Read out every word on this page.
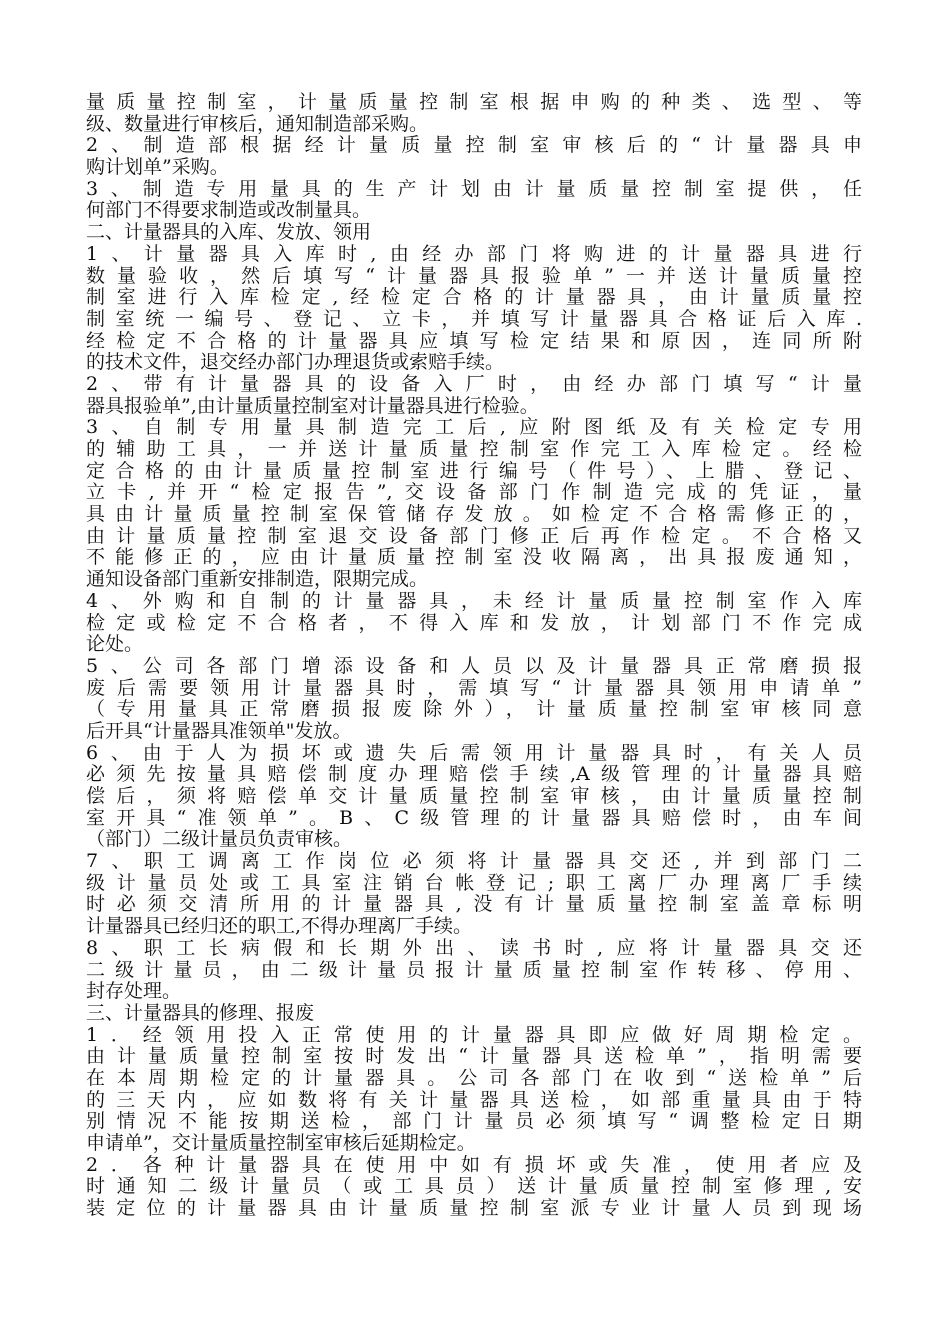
量质量控制室，计量质量控制室根据申购的种类、选型、等
级、数量进行审核后，通知制造部采购。
2、制造部根据经计量质量控制室审核后的“计量器具申
购计划单”采购。
3、制造专用量具的生产计划由计量质量控制室提供，任
何部门不得要求制造或改制量具。
二、计量器具的入库、发放、领用
1、计量器具入库时,由经办部门将购进的计量器具进行
数量验收，然后填写“计量器具报验单”一并送计量质量控
制室进行入库检定,经检定合格的计量器具，由计量质量控
制室统一编号、登记、立卡，并填写计量器具合格证后入库.
经检定不合格的计量器具应填写检定结果和原因，连同所附
的技术文件，退交经办部门办理退货或索赔手续。
2、带有计量器具的设备入厂时，由经办部门填写“计量
器具报验单”,由计量质量控制室对计量器具进行检验。
3、自制专用量具制造完工后,应附图纸及有关检定专用
的辅助工具，一并送计量质量控制室作完工入库检定。经检
定合格的由计量质量控制室进行编号（件号）、上腊、登记、
立卡,并开“检定报告”,交设备部门作制造完成的凭证，量
具由计量质量控制室保管储存发放。如检定不合格需修正的，
由计量质量控制室退交设备部门修正后再作检定。不合格又
不能修正的，应由计量质量控制室没收隔离，出具报废通知，
通知设备部门重新安排制造，限期完成。
4、外购和自制的计量器具，未经计量质量控制室作入库
检定或检定不合格者，不得入库和发放，计划部门不作完成
论处。
5、公司各部门增添设备和人员以及计量器具正常磨损报
废后需要领用计量器具时，需填写“计量器具领用申请单”
（专用量具正常磨损报废除外），计量质量控制室审核同意
后开具“计量器具准领单"发放。
6、由于人为损坏或遗失后需领用计量器具时，有关人员
必须先按量具赔偿制度办理赔偿手续,A级管理的计量器具赔
偿后，须将赔偿单交计量质量控制室审核，由计量质量控制
室开具“准领单”。B、C级管理的计量器具赔偿时，由车间
（部门）二级计量员负责审核。
7、职工调离工作岗位必须将计量器具交还,并到部门二
级计量员处或工具室注销台帐登记;职工离厂办理离厂手续
时必须交清所用的计量器具,没有计量质量控制室盖章标明
计量器具已经归还的职工,不得办理离厂手续。
8、职工长病假和长期外出、读书时,应将计量器具交还
二级计量员，由二级计量员报计量质量控制室作转移、停用、
封存处理。
三、计量器具的修理、报废
1．经领用投入正常使用的计量器具即应做好周期检定。
由计量质量控制室按时发出“计量器具送检单”，指明需要
在本周期检定的计量器具。公司各部门在收到“送检单”后
的三天内，应如数将有关计量器具送检，如部重量具由于特
别情况不能按期送检，部门计量员必须填写“调整检定日期
申请单”，交计量质量控制室审核后延期检定。
2．各种计量器具在使用中如有损坏或失准，使用者应及
时通知二级计量员（或工具员）送计量质量控制室修理,安
装定位的计量器具由计量质量控制室派专业计量人员到现场
